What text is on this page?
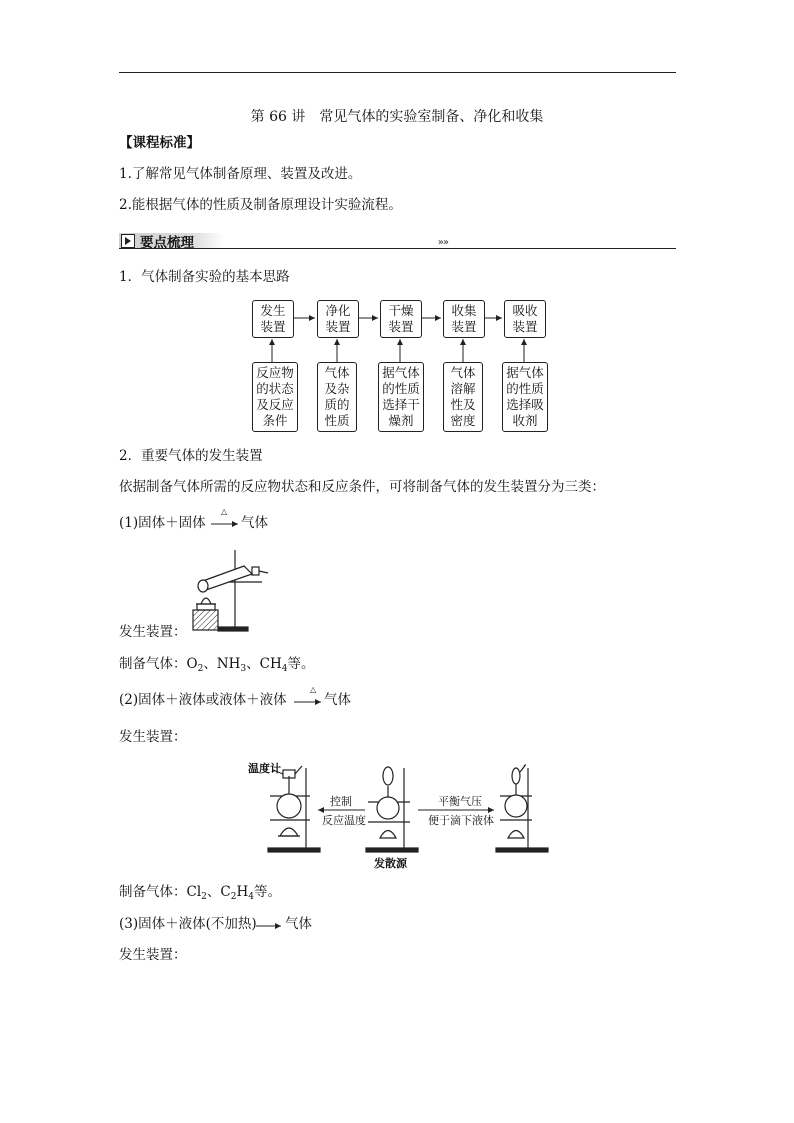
第 66 讲　常见气体的实验室制备、净化和收集
【课程标准】
1.了解常见气体制备原理、装置及改进。
2.能根据气体的性质及制备原理设计实验流程。
要点梳理	»»
1．气体制备实验的基本思路
发生
装置
净化
装置
干燥
装置
收集
装置
吸收
装置
反应物
的状态
及反应
条件
气体
及杂
质的
性质
据气体
的性质
选择干
燥剂
气体
溶解
性及
密度
据气体
的性质
选择吸
收剂
2．重要气体的发生装置
依据制备气体所需的反应物状态和反应条件，可将制备气体的发生装置分为三类：
(1)固体＋固体
△
气体
发生装置：
制备气体：$O_2$、$NH_3$、$CH_4$等。
(2)固体＋液体或液体＋液体
△
气体
发生装置：
温度计
控制
反应温度
平衡气压
便于滴下液体
发散源
制备气体：$Cl_2$、$C_2H_4$等。
(3)固体＋液体(不加热) 气体
发生装置：
